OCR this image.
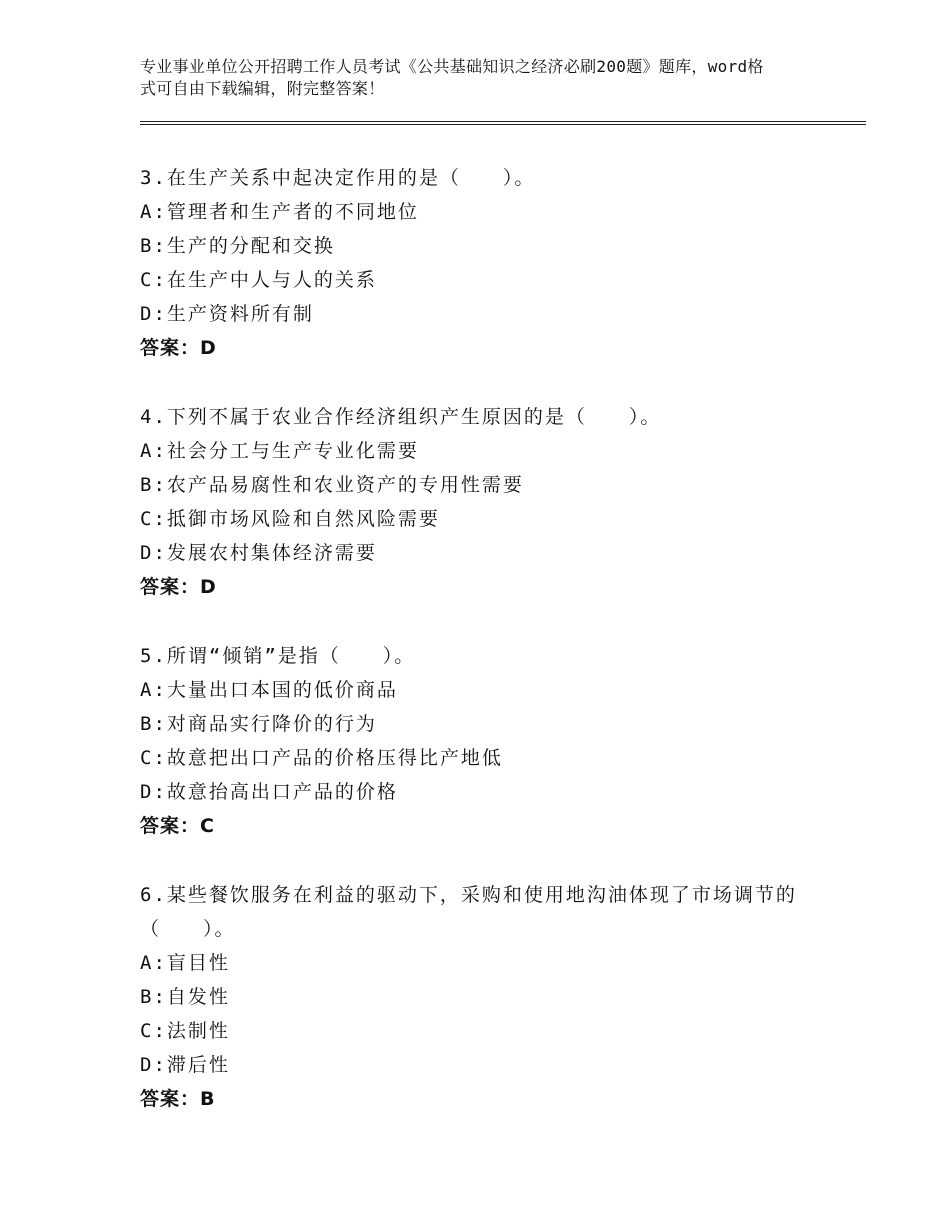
专业事业单位公开招聘工作人员考试《公共基础知识之经济必刷200题》题库，word格式可自由下载编辑，附完整答案！

3.在生产关系中起决定作用的是（　　）。

A:管理者和生产者的不同地位

B:生产的分配和交换

C:在生产中人与人的关系

D:生产资料所有制

答案：D

4.下列不属于农业合作经济组织产生原因的是（　　）。

A:社会分工与生产专业化需要

B:农产品易腐性和农业资产的专用性需要

C:抵御市场风险和自然风险需要

D:发展农村集体经济需要

答案：D

5.所谓“倾销”是指（　　）。

A:大量出口本国的低价商品

B:对商品实行降价的行为

C:故意把出口产品的价格压得比产地低

D:故意抬高出口产品的价格

答案：C

6.某些餐饮服务在利益的驱动下，采购和使用地沟油体现了市场调节的（　　）。

A:盲目性

B:自发性

C:法制性

D:滞后性

答案：B
